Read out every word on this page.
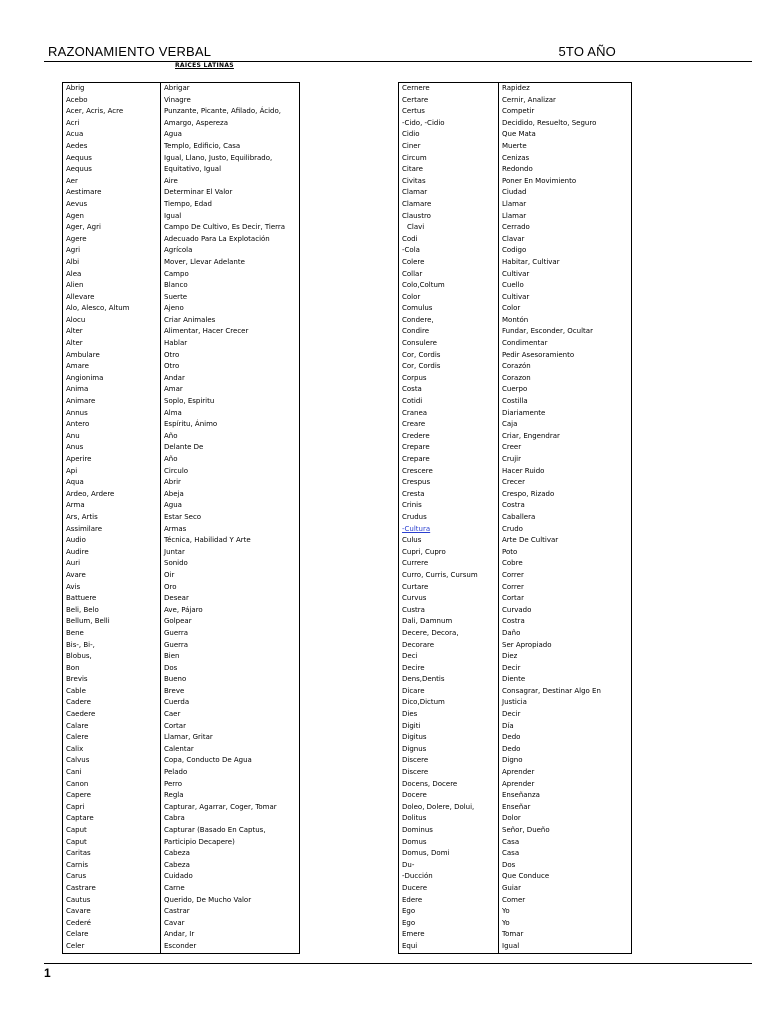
RAZONAMIENTO VERBAL	5TO AÑO
RAICES LATINAS
Abrig	Abrigar
Acebo	Vinagre
Acer, Acris, Acre	Punzante, Picante, Afilado, Ácido,
Acri	Amargo, Aspereza
Acua	Agua
Aedes	Templo, Edificio, Casa
Aequus	Igual, Llano, Justo, Equilibrado,
Aequus	Equitativo, Igual
Aer	Aire
Aestimare	Determinar El Valor
Aevus	Tiempo, Edad
Agen	Igual
Ager, Agri	Campo De Cultivo, Es Decir, Tierra
Agere	Adecuado Para La Explotación
Agri	Agrícola
Albi	Mover, Llevar Adelante
Alea	Campo
Alien	Blanco
Allevare	Suerte
Alo, Alesco, Altum	Ajeno
Alocu	Criar Animales
Alter	Alimentar, Hacer Crecer
Alter	Hablar
Ambulare	Otro
Amare	Otro
Angionima	Andar
Anima	Amar
Animare	Soplo, Espiritu
Annus	Alma
Antero	Espíritu, Ánimo
Anu	Año
Anus	Delante De
Aperire	Año
Api	Circulo
Aqua	Abrir
Ardeo, Ardere	Abeja
Arma	Agua
Ars, Artis	Estar Seco
Assimilare	Armas
Audio	Técnica, Habilidad Y Arte
Audire	Juntar
Auri	Sonido
Avare	Oir
Avis	Oro
Battuere	Desear
Beli, Belo	Ave, Pájaro
Bellum, Belli	Golpear
Bene	Guerra
Bis-, Bi-,	Guerra
Blobus,	Bien
Bon	Dos
Brevis	Bueno
Cable	Breve
Cadere	Cuerda
Caedere	Caer
Calare	Cortar
Calere	Llamar, Gritar
Calix	Calentar
Calvus	Copa, Conducto De Agua
Cani	Pelado
Canon	Perro
Capere	Regla
Capri	Capturar, Agarrar, Coger, Tomar
Captare	Cabra
Caput	Capturar (Basado En Captus,
Caput	Participio Decapere)
Caritas	Cabeza
Carnis	Cabeza
Carus	Cuidado
Castrare	Carne
Cautus	Querido, De Mucho Valor
Cavare	Castrar
Cederé	Cavar
Celare	Andar, Ir
Celer	Esconder
Cernere	Rapidez
Certare	Cernir, Analizar
Certus	Competir
-Cido, -Cidio	Decidido, Resuelto, Seguro
Cidio	Que Mata
Ciner	Muerte
Circum	Cenizas
Citare	Redondo
Civitas	Poner En Movimiento
Clamar	Ciudad
Clamare	Llamar
Claustro	Llamar
Clavi	Cerrado
Codi	Clavar
-Cola	Codigo
Colere	Habitar, Cultivar
Collar	Cultivar
Colo,Coltum	Cuello
Color	Cultivar
Comulus	Color
Condere,	Montón
Condire	Fundar, Esconder, Ocultar
Consulere	Condimentar
Cor, Cordis	Pedir Asesoramiento
Cor, Cordis	Corazón
Corpus	Corazon
Costa	Cuerpo
Cotidi	Costilla
Cranea	Diariamente
Creare	Caja
Credere	Criar, Engendrar
Crepare	Creer
Crepare	Crujir
Crescere	Hacer Ruido
Crespus	Crecer
Cresta	Crespo, Rizado
Crinis	Costra
Crudus	Caballera
-Cultura	Crudo
Culus	Arte De Cultivar
Cupri, Cupro	Poto
Currere	Cobre
Curro, Curris, Cursum	Correr
Curtare	Correr
Curvus	Cortar
Custra	Curvado
Dali, Damnum	Costra
Decere, Decora,	Daño
Decorare	Ser Apropiado
Deci	Diez
Decire	Decir
Dens,Dentis	Diente
Dicare	Consagrar, Destinar Algo En
Dico,Dictum	Justicia
Dies	Decir
Digiti	Día
Digitus	Dedo
Dignus	Dedo
Discere	Digno
Discere	Aprender
Docens, Docere	Aprender
Docere	Enseñanza
Doleo, Dolere, Dolui,	Enseñar
Dolitus	Dolor
Dominus	Señor, Dueño
Domus	Casa
Domus, Domi	Casa
Du-	Dos
-Ducción	Que Conduce
Ducere	Guiar
Edere	Comer
Ego	Yo
Ego	Yo
Emere	Tomar
Equi	Igual
1
